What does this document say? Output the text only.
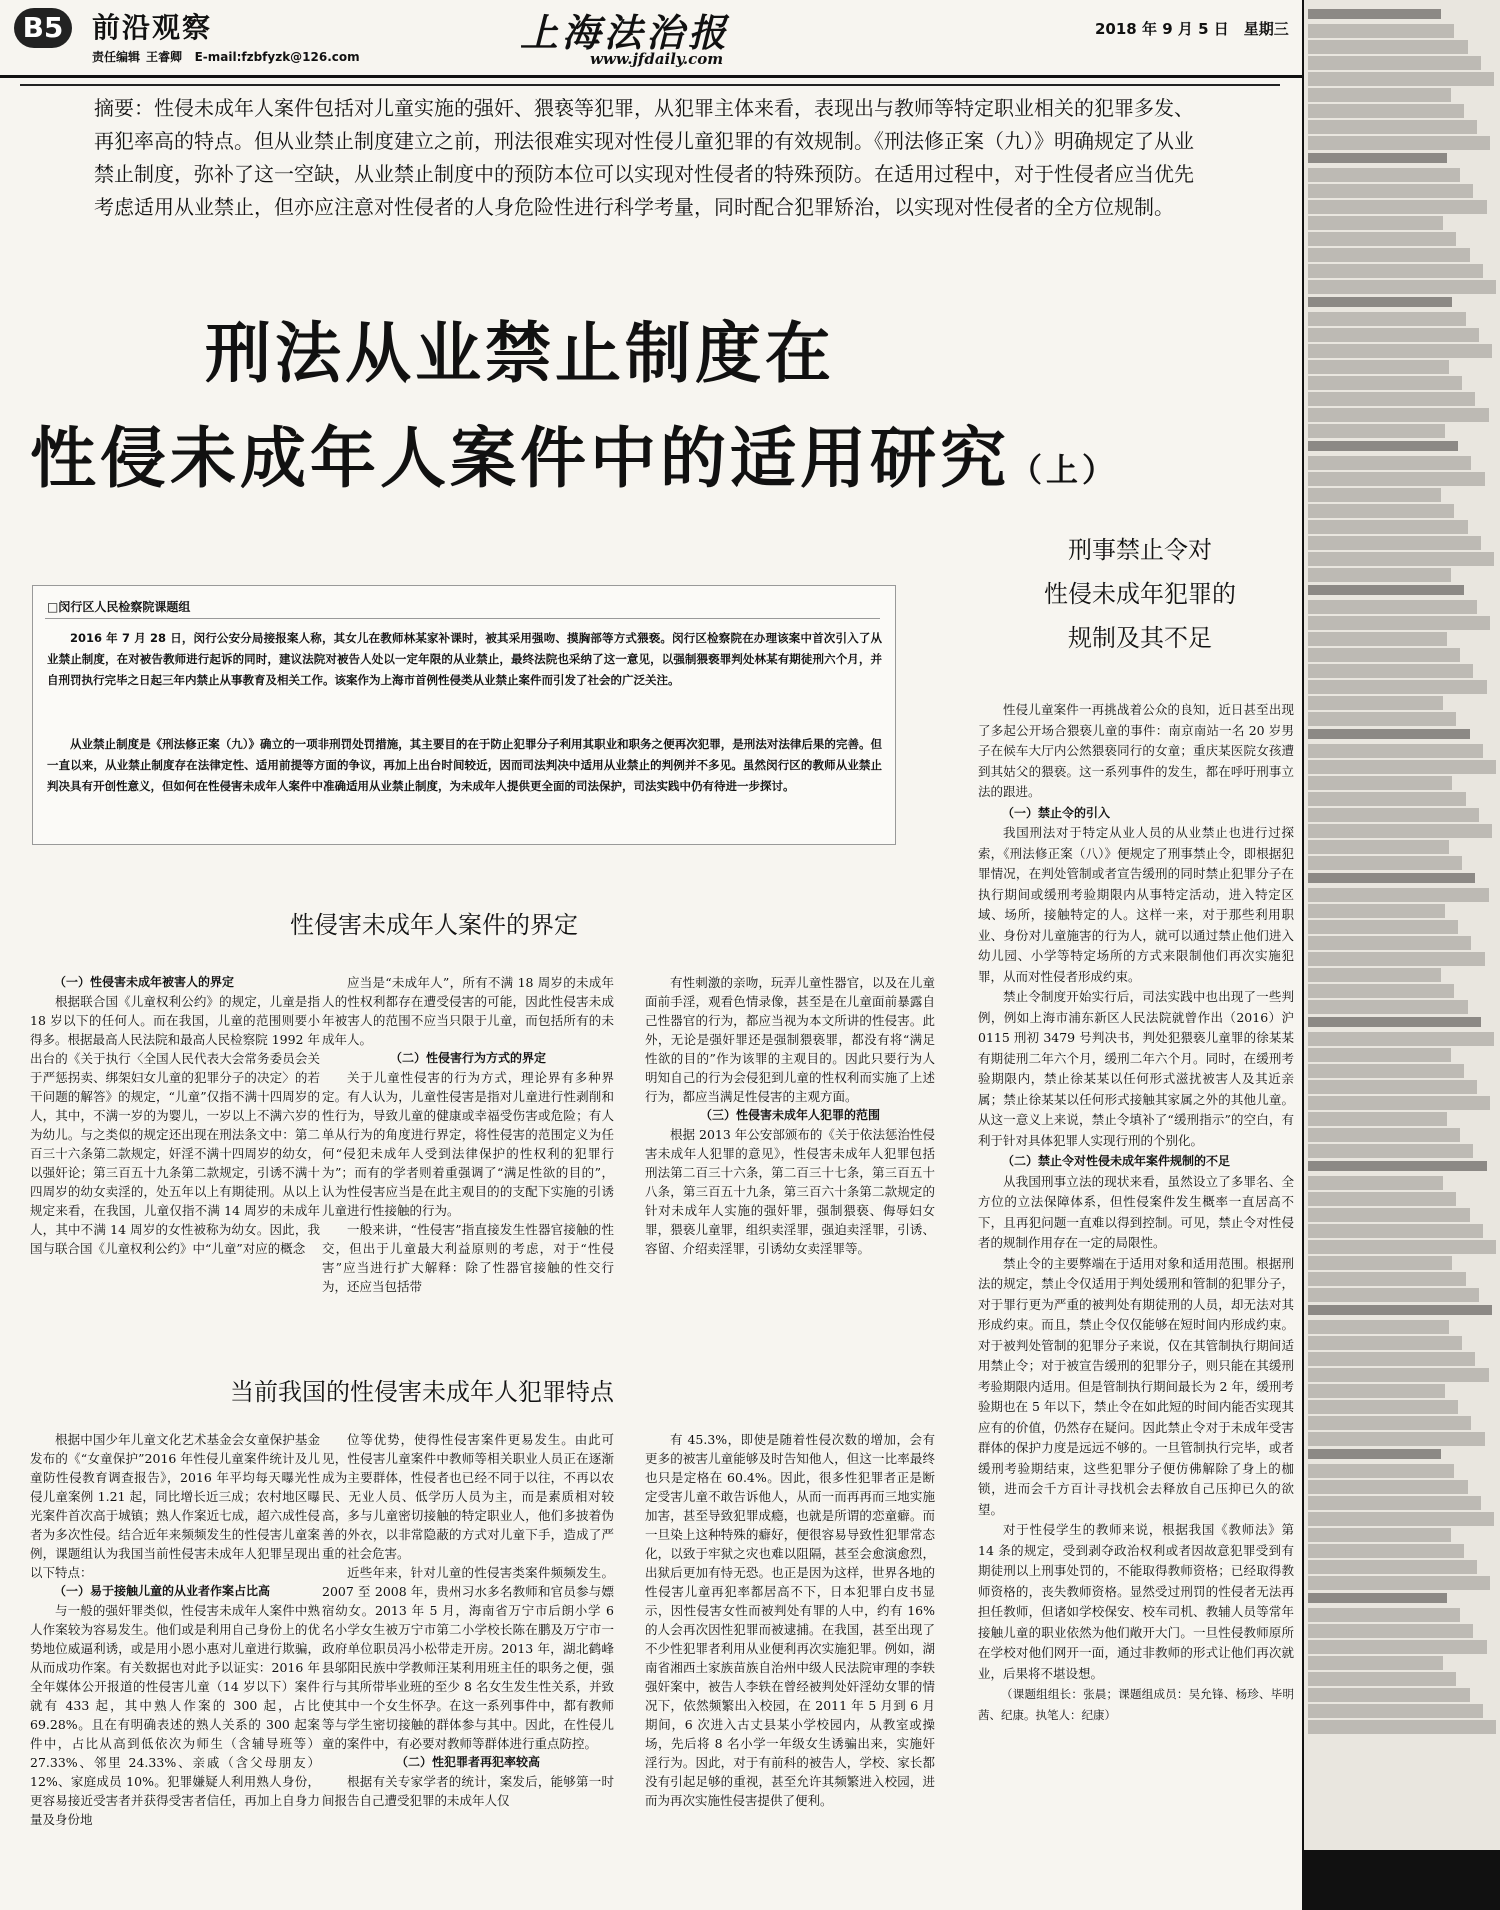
B5	前沿观察
责任编辑 王睿卿 E-mail:fzbfyzk@126.com
上海法治报
www.jfdaily.com
2018 年 9 月 5 日　星期三
摘要：性侵未成年人案件包括对儿童实施的强奸、猥亵等犯罪，从犯罪主体来看，表现出与教师等特定职业相关的犯罪多发、再犯率高的特点。但从业禁止制度建立之前，刑法很难实现对性侵儿童犯罪的有效规制。《刑法修正案（九）》明确规定了从业禁止制度，弥补了这一空缺，从业禁止制度中的预防本位可以实现对性侵者的特殊预防。在适用过程中，对于性侵者应当优先考虑适用从业禁止，但亦应注意对性侵者的人身危险性进行科学考量，同时配合犯罪矫治，以实现对性侵者的全方位规制。
刑法从业禁止制度在
性侵未成年人案件中的适用研究（上）
□闵行区人民检察院课题组
2016 年 7 月 28 日，闵行公安分局接报案人称，其女儿在教师林某家补课时，被其采用强吻、摸胸部等方式猥亵。闵行区检察院在办理该案中首次引入了从业禁止制度，在对被告教师进行起诉的同时，建议法院对被告人处以一定年限的从业禁止，最终法院也采纳了这一意见，以强制猥亵罪判处林某有期徒刑六个月，并自刑罚执行完毕之日起三年内禁止从事教育及相关工作。该案作为上海市首例性侵类从业禁止案件而引发了社会的广泛关注。
从业禁止制度是《刑法修正案（九）》确立的一项非刑罚处罚措施，其主要目的在于防止犯罪分子利用其职业和职务之便再次犯罪，是刑法对法律后果的完善。但一直以来，从业禁止制度存在法律定性、适用前提等方面的争议，再加上出台时间较近，因而司法判决中适用从业禁止的判例并不多见。虽然闵行区的教师从业禁止判决具有开创性意义，但如何在性侵害未成年人案件中准确适用从业禁止制度，为未成年人提供更全面的司法保护，司法实践中仍有待进一步探讨。
刑事禁止令对
性侵未成年犯罪的
规制及其不足

性侵儿童案件一再挑战着公众的良知，近日甚至出现了多起公开场合猥亵儿童的事件：南京南站一名 20 岁男子在候车大厅内公然猥亵同行的女童；重庆某医院女孩遭到其姑父的猥亵。这一系列事件的发生，都在呼吁刑事立法的跟进。

（一）禁止令的引入

我国刑法对于特定从业人员的从业禁止也进行过探索，《刑法修正案（八）》便规定了刑事禁止令，即根据犯罪情况，在判处管制或者宣告缓刑的同时禁止犯罪分子在执行期间或缓刑考验期限内从事特定活动，进入特定区域、场所，接触特定的人。这样一来，对于那些利用职业、身份对儿童施害的行为人，就可以通过禁止他们进入幼儿园、小学等特定场所的方式来限制他们再次实施犯罪，从而对性侵者形成约束。

禁止令制度开始实行后，司法实践中也出现了一些判例，例如上海市浦东新区人民法院就曾作出（2016）沪 0115 刑初 3479 号判决书，判处犯猥亵儿童罪的徐某某有期徒刑二年六个月，缓刑二年六个月。同时，在缓刑考验期限内，禁止徐某某以任何形式滋扰被害人及其近亲属；禁止徐某某以任何形式接触其家属之外的其他儿童。从这一意义上来说，禁止令填补了“缓刑指示”的空白，有利于针对具体犯罪人实现行刑的个别化。

（二）禁止令对性侵未成年案件规制的不足

从我国刑事立法的现状来看，虽然设立了多罪名、全方位的立法保障体系，但性侵案件发生概率一直居高不下，且再犯问题一直难以得到控制。可见，禁止令对性侵者的规制作用存在一定的局限性。

禁止令的主要弊端在于适用对象和适用范围。根据刑法的规定，禁止令仅适用于判处缓刑和管制的犯罪分子，对于罪行更为严重的被判处有期徒刑的人员，却无法对其形成约束。而且，禁止令仅仅能够在短时间内形成约束。对于被判处管制的犯罪分子来说，仅在其管制执行期间适用禁止令；对于被宣告缓刑的犯罪分子，则只能在其缓刑考验期限内适用。但是管制执行期间最长为 2 年，缓刑考验期也在 5 年以下，禁止令在如此短的时间内能否实现其应有的价值，仍然存在疑问。因此禁止令对于未成年受害群体的保护力度是远远不够的。一旦管制执行完毕，或者缓刑考验期结束，这些犯罪分子便仿佛解除了身上的枷锁，进而会千方百计寻找机会去释放自己压抑已久的欲望。

对于性侵学生的教师来说，根据我国《教师法》第 14 条的规定，受到剥夺政治权利或者因故意犯罪受到有期徒刑以上刑事处罚的，不能取得教师资格；已经取得教师资格的，丧失教师资格。显然受过刑罚的性侵者无法再担任教师，但诸如学校保安、校车司机、教辅人员等常年接触儿童的职业依然为他们敞开大门。一旦性侵教师原所在学校对他们网开一面，通过非教师的形式让他们再次就业，后果将不堪设想。

（课题组组长：张晨；课题组成员：吴允锋、杨珍、毕明茜、纪康。执笔人：纪康）

性侵害未成年人案件的界定

（一）性侵害未成年被害人的界定

根据联合国《儿童权利公约》的规定，儿童是指 18 岁以下的任何人。而在我国，儿童的范围则要小得多。根据最高人民法院和最高人民检察院 1992 年出台的《关于执行〈全国人民代表大会常务委员会关于严惩拐卖、绑架妇女儿童的犯罪分子的决定〉的若干问题的解答》的规定，“儿童”仅指不满十四周岁的人，其中，不满一岁的为婴儿，一岁以上不满六岁的为幼儿。与之类似的规定还出现在刑法条文中：第二百三十六条第二款规定，奸淫不满十四周岁的幼女，以强奸论；第三百五十九条第二款规定，引诱不满十四周岁的幼女卖淫的，处五年以上有期徒刑。从以上规定来看，在我国，儿童仅指不满 14 周岁的未成年人，其中不满 14 周岁的女性被称为幼女。因此，我国与联合国《儿童权利公约》中“儿童”对应的概念

应当是“未成年人”，所有不满 18 周岁的未成年人的性权利都存在遭受侵害的可能，因此性侵害未成年被害人的范围不应当只限于儿童，而包括所有的未成年人。

（二）性侵害行为方式的界定

关于儿童性侵害的行为方式，理论界有多种界定。有人认为，儿童性侵害是指对儿童进行性剥削和性行为，导致儿童的健康或幸福受伤害或危险；有人单从行为的角度进行界定，将性侵害的范围定义为任何“侵犯未成年人受到法律保护的性权利的犯罪行为”；而有的学者则着重强调了“满足性欲的目的”，认为性侵害应当是在此主观目的的支配下实施的引诱儿童进行性接触的行为。

一般来讲，“性侵害”指直接发生性器官接触的性交，但出于儿童最大利益原则的考虑，对于“性侵害”应当进行扩大解释：除了性器官接触的性交行为，还应当包括带

有性刺激的亲吻，玩弄儿童性器官，以及在儿童面前手淫，观看色情录像，甚至是在儿童面前暴露自己性器官的行为，都应当视为本文所讲的性侵害。此外，无论是强奸罪还是强制猥亵罪，都没有将“满足性欲的目的”作为该罪的主观目的。因此只要行为人明知自己的行为会侵犯到儿童的性权利而实施了上述行为，都应当满足性侵害的主观方面。

（三）性侵害未成年人犯罪的范围

根据 2013 年公安部颁布的《关于依法惩治性侵害未成年人犯罪的意见》，性侵害未成年人犯罪包括刑法第二百三十六条，第二百三十七条，第三百五十八条，第三百五十九条，第三百六十条第二款规定的针对未成年人实施的强奸罪，强制猥亵、侮辱妇女罪，猥亵儿童罪，组织卖淫罪，强迫卖淫罪，引诱、容留、介绍卖淫罪，引诱幼女卖淫罪等。

当前我国的性侵害未成年人犯罪特点

根据中国少年儿童文化艺术基金会女童保护基金发布的《“女童保护”2016 年性侵儿童案件统计及儿童防性侵教育调查报告》，2016 年平均每天曝光性侵儿童案例 1.21 起，同比增长近三成；农村地区曝光案件首次高于城镇；熟人作案近七成，超六成性侵者为多次性侵。结合近年来频频发生的性侵害儿童案例，课题组认为我国当前性侵害未成年人犯罪呈现出以下特点：

（一）易于接触儿童的从业者作案占比高

与一般的强奸罪类似，性侵害未成年人案件中熟人作案较为容易发生。他们或是利用自己身份上的优势地位威逼利诱，或是用小恩小惠对儿童进行欺骗，从而成功作案。有关数据也对此予以证实：2016 年全年媒体公开报道的性侵害儿童（14 岁以下）案件就有 433 起，其中熟人作案的 300 起，占比 69.28%。且在有明确表述的熟人关系的 300 起案件中，占比从高到低依次为师生（含辅导班等）27.33%、邻里 24.33%、亲戚（含父母朋友）12%、家庭成员 10%。犯罪嫌疑人利用熟人身份，更容易接近受害者并获得受害者信任，再加上自身力量及身份地

位等优势，使得性侵害案件更易发生。由此可见，性侵害儿童案件中教师等相关职业人员正在逐渐成为主要群体，性侵者也已经不同于以往，不再以农民、无业人员、低学历人员为主，而是素质相对较高，多与儿童密切接触的特定职业人，他们多披着伪善的外衣，以非常隐蔽的方式对儿童下手，造成了严重的社会危害。

近些年来，针对儿童的性侵害类案件频频发生。2007 至 2008 年，贵州习水多名教师和官员参与嫖宿幼女。2013 年 5 月，海南省万宁市后朗小学 6 名小学女生被万宁市第二小学校长陈在鹏及万宁市一政府单位职员冯小松带走开房。2013 年，湖北鹤峰县邬阳民族中学教师汪某利用班主任的职务之便，强行与其所带毕业班的至少 8 名女生发生性关系，并致使其中一个女生怀孕。在这一系列事件中，都有教师等与学生密切接触的群体参与其中。因此，在性侵儿童的案件中，有必要对教师等群体进行重点防控。

（二）性犯罪者再犯率较高

根据有关专家学者的统计，案发后，能够第一时间报告自己遭受犯罪的未成年人仅

有 45.3%，即使是随着性侵次数的增加，会有更多的被害儿童能够及时告知他人，但这一比率最终也只是定格在 60.4%。因此，很多性犯罪者正是断定受害儿童不敢告诉他人，从而一而再再而三地实施加害，甚至导致犯罪成瘾，也就是所谓的恋童癖。而一旦染上这种特殊的癖好，便很容易导致性犯罪常态化，以致于牢狱之灾也难以阻隔，甚至会愈演愈烈，出狱后更加有恃无恐。也正是因为这样，世界各地的性侵害儿童再犯率都居高不下，日本犯罪白皮书显示，因性侵害女性而被判处有罪的人中，约有 16%的人会再次因性犯罪而被逮捕。在我国，甚至出现了不少性犯罪者利用从业便利再次实施犯罪。例如，湖南省湘西土家族苗族自治州中级人民法院审理的李轶强奸案中，被告人李轶在曾经被判处奸淫幼女罪的情况下，依然频繁出入校园，在 2011 年 5 月到 6 月期间，6 次进入古丈县某小学校园内，从教室或操场，先后将 8 名小学一年级女生诱骗出来，实施奸淫行为。因此，对于有前科的被告人，学校、家长都没有引起足够的重视，甚至允许其频繁进入校园，进而为再次实施性侵害提供了便利。
